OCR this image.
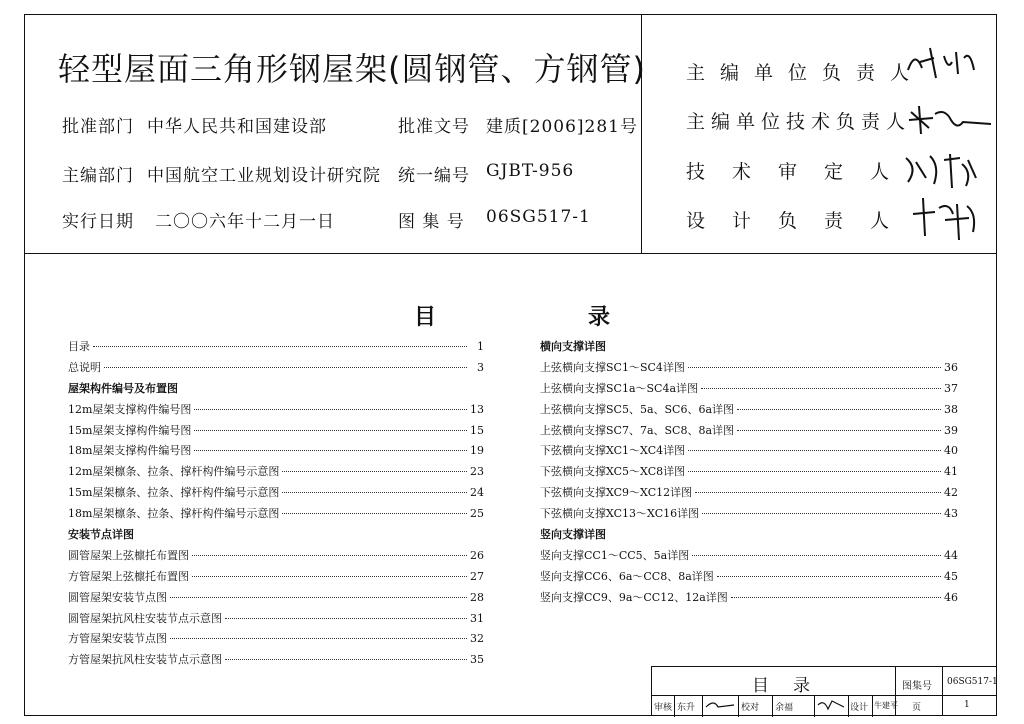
轻型屋面三角形钢屋架(圆钢管、方钢管)
批准部门 中华人民共和国建设部	批准文号 建质[2006]281号
主编部门 中国航空工业规划设计研究院 统一编号 GJBT-956
实行日期 二〇〇六年十二月一日	图 集 号 06SG517-1
主编单位负责人
主编单位技术负责人
技术审定人
设计负责人
目	录
目录	1
总说明	3
屋架构件编号及布置图
12m屋架支撑构件编号图	13
15m屋架支撑构件编号图	15
18m屋架支撑构件编号图	19
12m屋架檩条、拉条、撑杆构件编号示意图	23
15m屋架檩条、拉条、撑杆构件编号示意图	24
18m屋架檩条、拉条、撑杆构件编号示意图	25
安装节点详图
圆管屋架上弦檩托布置图	26
方管屋架上弦檩托布置图	27
圆管屋架安装节点图	28
圆管屋架抗风柱安装节点示意图	31
方管屋架安装节点图	32
方管屋架抗风柱安装节点示意图	35
横向支撑详图
上弦横向支撑SC1～SC4详图	36
上弦横向支撑SC1a～SC4a详图	37
上弦横向支撑SC5、5a、SC6、6a详图	38
上弦横向支撑SC7、7a、SC8、8a详图	39
下弦横向支撑XC1～XC4详图	40
下弦横向支撑XC5～XC8详图	41
下弦横向支撑XC9～XC12详图	42
下弦横向支撑XC13～XC16详图	43
竖向支撑详图
竖向支撑CC1～CC5、5a详图	44
竖向支撑CC6、6a～CC8、8a详图	45
竖向支撑CC9、9a～CC12、12a详图	46
目录	图集号 06SG517-1
审核 东升	校对 余福	设计 牛建平 页	1
